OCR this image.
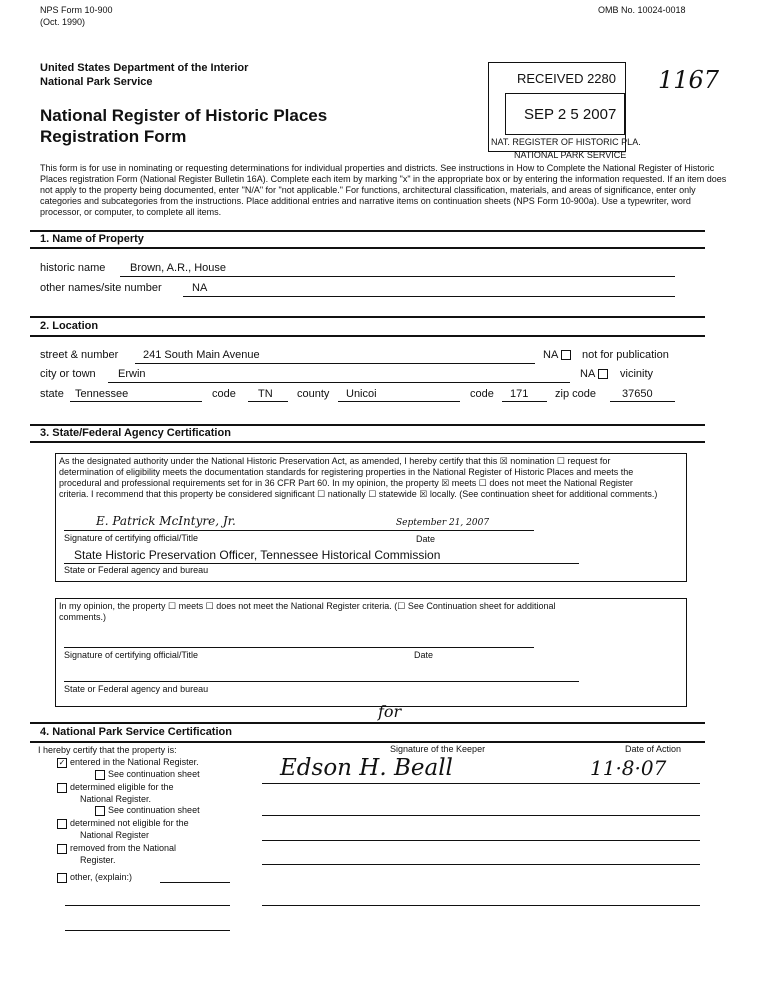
NPS Form 10-900
(Oct. 1990)
OMB No. 10024-0018
United States Department of the Interior
National Park Service
National Register of Historic Places
Registration Form
RECEIVED 2280
SEP 2 5 2007
NAT. REGISTER OF HISTORIC PLA.
NATIONAL PARK SERVICE
1167
This form is for use in nominating or requesting determinations for individual properties and districts. See instructions in How to Complete the National Register of Historic Places registration Form (National Register Bulletin 16A). Complete each item by marking "x" in the appropriate box or by entering the information requested. If an item does not apply to the property being documented, enter "N/A" for "not applicable." For functions, architectural classification, materials, and areas of significance, enter only categories and subcategories from the instructions. Place additional entries and narrative items on continuation sheets (NPS Form 10-900a). Use a typewriter, word processor, or computer, to complete all items.
1. Name of Property
historic name Brown, A.R., House
other names/site number	NA
2. Location
street & number 241 South Main Avenue	NA	not for publication
city or town Erwin	NA	vicinity
state Tennessee	code TN county Unicoi	code 171 zip code 37650
3. State/Federal Agency Certification
As the designated authority under the National Historic Preservation Act, as amended, I hereby certify that this ☒ nomination ☐ request for determination of eligibility meets the documentation standards for registering properties in the National Register of Historic Places and meets the procedural and professional requirements set for in 36 CFR Part 60. In my opinion, the property ☒ meets ☐ does not meet the National Register criteria. I recommend that this property be considered significant ☐ nationally ☐ statewide ☒ locally. (See continuation sheet for additional comments.)
E. Patrick McIntyre, Jr.	September 21, 2007
Signature of certifying official/Title	Date
State Historic Preservation Officer, Tennessee Historical Commission
State or Federal agency and bureau
In my opinion, the property ☐ meets ☐ does not meet the National Register criteria. (☐ See Continuation sheet for additional comments.)
Signature of certifying official/Title	Date
State or Federal agency and bureau
4. National Park Service Certification
I hereby certify that the property is:
✓ entered in the National Register.
See continuation sheet
determined eligible for the
National Register.
See continuation sheet
determined not eligible for the
National Register
removed from the National
Register.
other, (explain:)
for
Signature of the Keeper	Date of Action
Edson H. Beall	11·8·07
